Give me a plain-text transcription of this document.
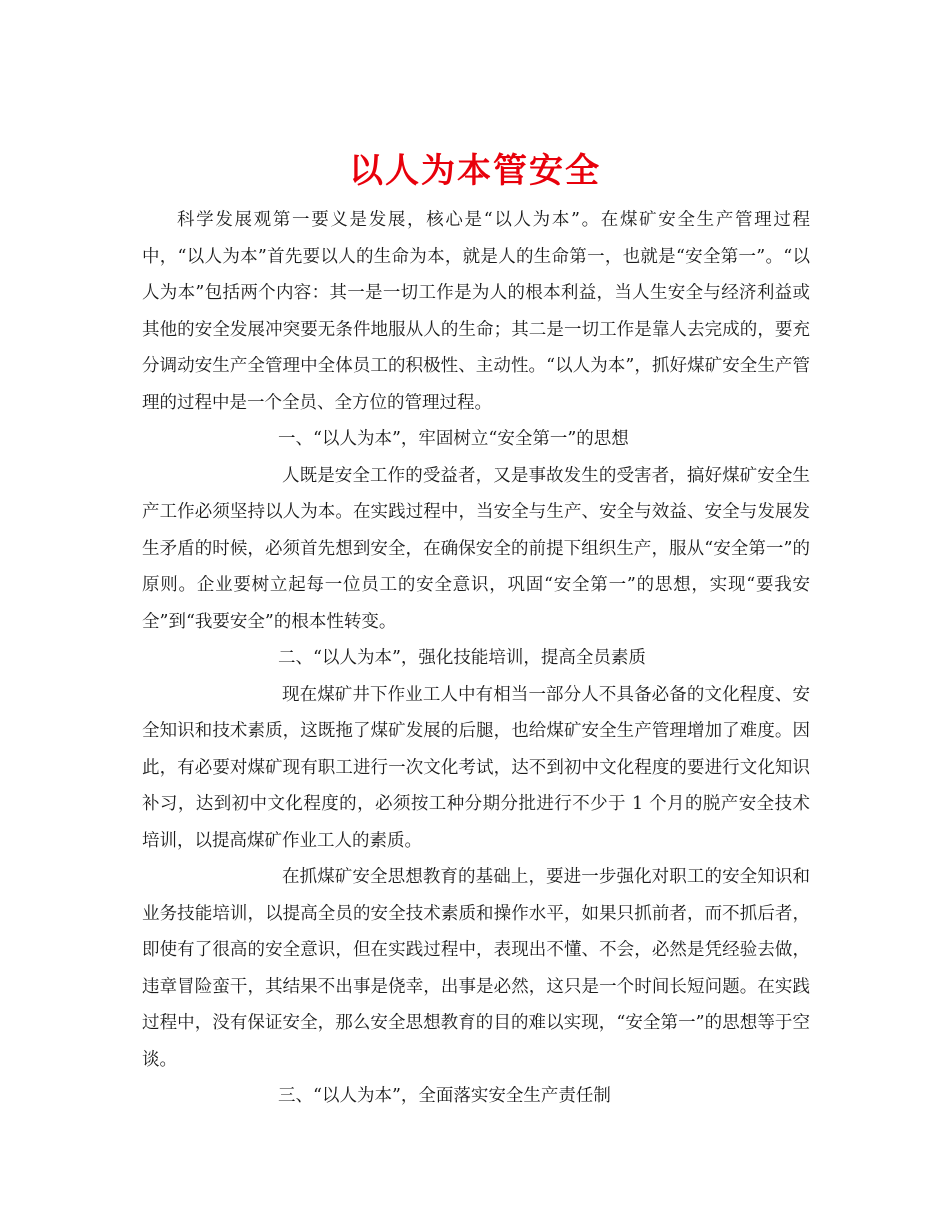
以人为本管安全

科学发展观第一要义是发展，核心是“以人为本”。在煤矿安全生产管理过程中，“以人为本”首先要以人的生命为本，就是人的生命第一，也就是“安全第一”。“以人为本”包括两个内容：其一是一切工作是为人的根本利益，当人生安全与经济利益或其他的安全发展冲突要无条件地服从人的生命；其二是一切工作是靠人去完成的，要充分调动安生产全管理中全体员工的积极性、主动性。“以人为本”，抓好煤矿安全生产管理的过程中是一个全员、全方位的管理过程。

一、“以人为本”，牢固树立“安全第一”的思想

人既是安全工作的受益者，又是事故发生的受害者，搞好煤矿安全生产工作必须坚持以人为本。在实践过程中，当安全与生产、安全与效益、安全与发展发生矛盾的时候，必须首先想到安全，在确保安全的前提下组织生产，服从“安全第一”的原则。企业要树立起每一位员工的安全意识，巩固“安全第一”的思想，实现“要我安全”到“我要安全”的根本性转变。

二、“以人为本”，强化技能培训，提高全员素质

现在煤矿井下作业工人中有相当一部分人不具备必备的文化程度、安全知识和技术素质，这既拖了煤矿发展的后腿，也给煤矿安全生产管理增加了难度。因此，有必要对煤矿现有职工进行一次文化考试，达不到初中文化程度的要进行文化知识补习，达到初中文化程度的，必须按工种分期分批进行不少于 1 个月的脱产安全技术培训，以提高煤矿作业工人的素质。

在抓煤矿安全思想教育的基础上，要进一步强化对职工的安全知识和业务技能培训，以提高全员的安全技术素质和操作水平，如果只抓前者，而不抓后者，即使有了很高的安全意识，但在实践过程中，表现出不懂、不会，必然是凭经验去做，违章冒险蛮干，其结果不出事是侥幸，出事是必然，这只是一个时间长短问题。在实践过程中，没有保证安全，那么安全思想教育的目的难以实现，“安全第一”的思想等于空谈。

三、“以人为本”，全面落实安全生产责任制
